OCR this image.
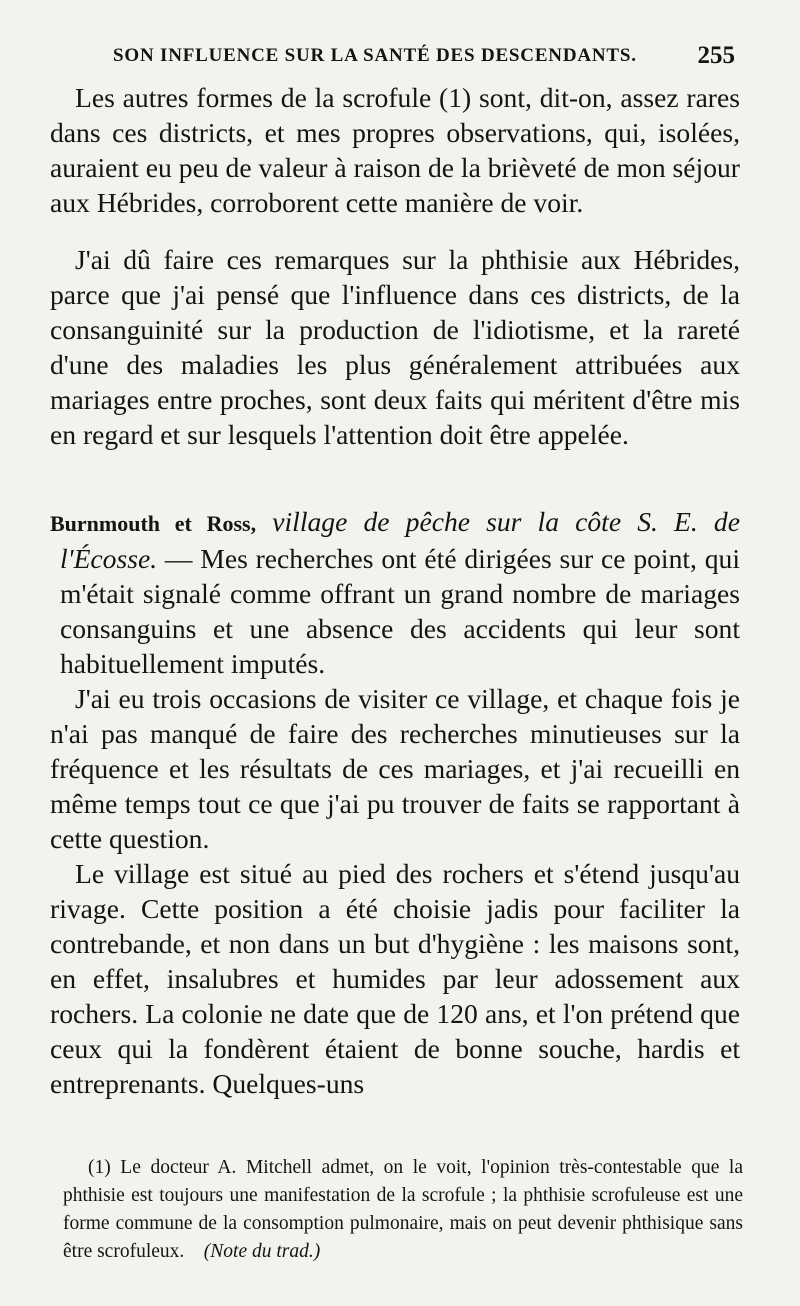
SON INFLUENCE SUR LA SANTÉ DES DESCENDANTS. 255

Les autres formes de la scrofule (1) sont, dit-on, assez rares dans ces districts, et mes propres observations, qui, isolées, auraient eu peu de valeur à raison de la brièveté de mon séjour aux Hébrides, corroborent cette manière de voir.

J'ai dû faire ces remarques sur la phthisie aux Hébrides, parce que j'ai pensé que l'influence dans ces districts, de la consanguinité sur la production de l'idiotisme, et la rareté d'une des maladies les plus généralement attribuées aux mariages entre proches, sont deux faits qui méritent d'être mis en regard et sur lesquels l'attention doit être appelée.

Burnmouth et Ross, village de pêche sur la côte S. E. de l'Écosse. — Mes recherches ont été dirigées sur ce point, qui m'était signalé comme offrant un grand nombre de mariages consanguins et une absence des accidents qui leur sont habituellement imputés.

J'ai eu trois occasions de visiter ce village, et chaque fois je n'ai pas manqué de faire des recherches minutieuses sur la fréquence et les résultats de ces mariages, et j'ai recueilli en même temps tout ce que j'ai pu trouver de faits se rapportant à cette question.

Le village est situé au pied des rochers et s'étend jusqu'au rivage. Cette position a été choisie jadis pour faciliter la contrebande, et non dans un but d'hygiène : les maisons sont, en effet, insalubres et humides par leur adossement aux rochers. La colonie ne date que de 120 ans, et l'on prétend que ceux qui la fondèrent étaient de bonne souche, hardis et entreprenants. Quelques-uns

(1) Le docteur A. Mitchell admet, on le voit, l'opinion très-contestable que la phthisie est toujours une manifestation de la scrofule ; la phthisie scrofuleuse est une forme commune de la consomption pulmonaire, mais on peut devenir phthisique sans être scrofuleux. (Note du trad.)
